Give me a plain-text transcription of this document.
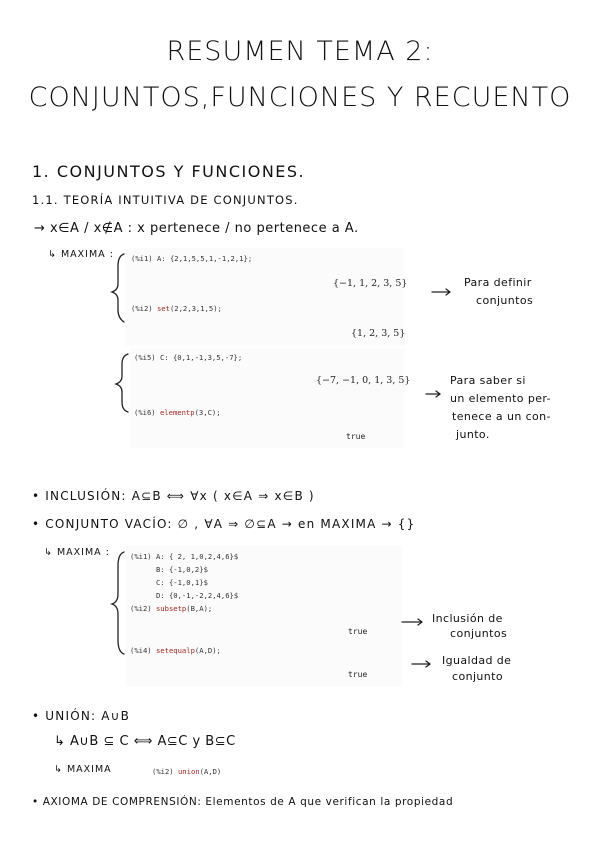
RESUMEN TEMA 2:
CONJUNTOS,FUNCIONES Y RECUENTO
1. CONJUNTOS Y FUNCIONES.
1.1. TEORÍA INTUITIVA DE CONJUNTOS.
→ x∈A / x∉A : x pertenece / no pertenece a A.
↳ MAXIMA : (%i1) A: {2,1,5,5,1,-1,2,1};
{−1, 1, 2, 3, 5}
(%i2) set(2,2,3,1,5);
{1, 2, 3, 5}
Para definir
conjuntos
(%i5) C: {0,1,-1,3,5,-7};
{−7, −1, 0, 1, 3, 5}
(%i6) elementp(3,C);
true
Para saber si
un elemento per-
tenece a un con-
junto.
• INCLUSIÓN: A⊆B ⟺ ∀x ( x∈A ⇒ x∈B )
• CONJUNTO VACÍO: ∅ , ∀A ⇒ ∅⊆A → en MAXIMA → {}
↳ MAXIMA :	(%i1) A: { 2, 1,0,2,4,6}$
B: {-1,0,2}$
C: {-1,0,1}$
D: {0,-1,-2,2,4,6}$
(%i2) subsetp(B,A);
true
(%i4) setequalp(A,D);
true
Inclusión de
conjuntos
Igualdad de
conjunto
• UNIÓN: A∪B
↳ A∪B ⊆ C ⟺ A⊆C y B⊆C
↳ MAXIMA	(%i2) union(A,D)
• AXIOMA DE COMPRENSIÓN: Elementos de A que verifican la propiedad
